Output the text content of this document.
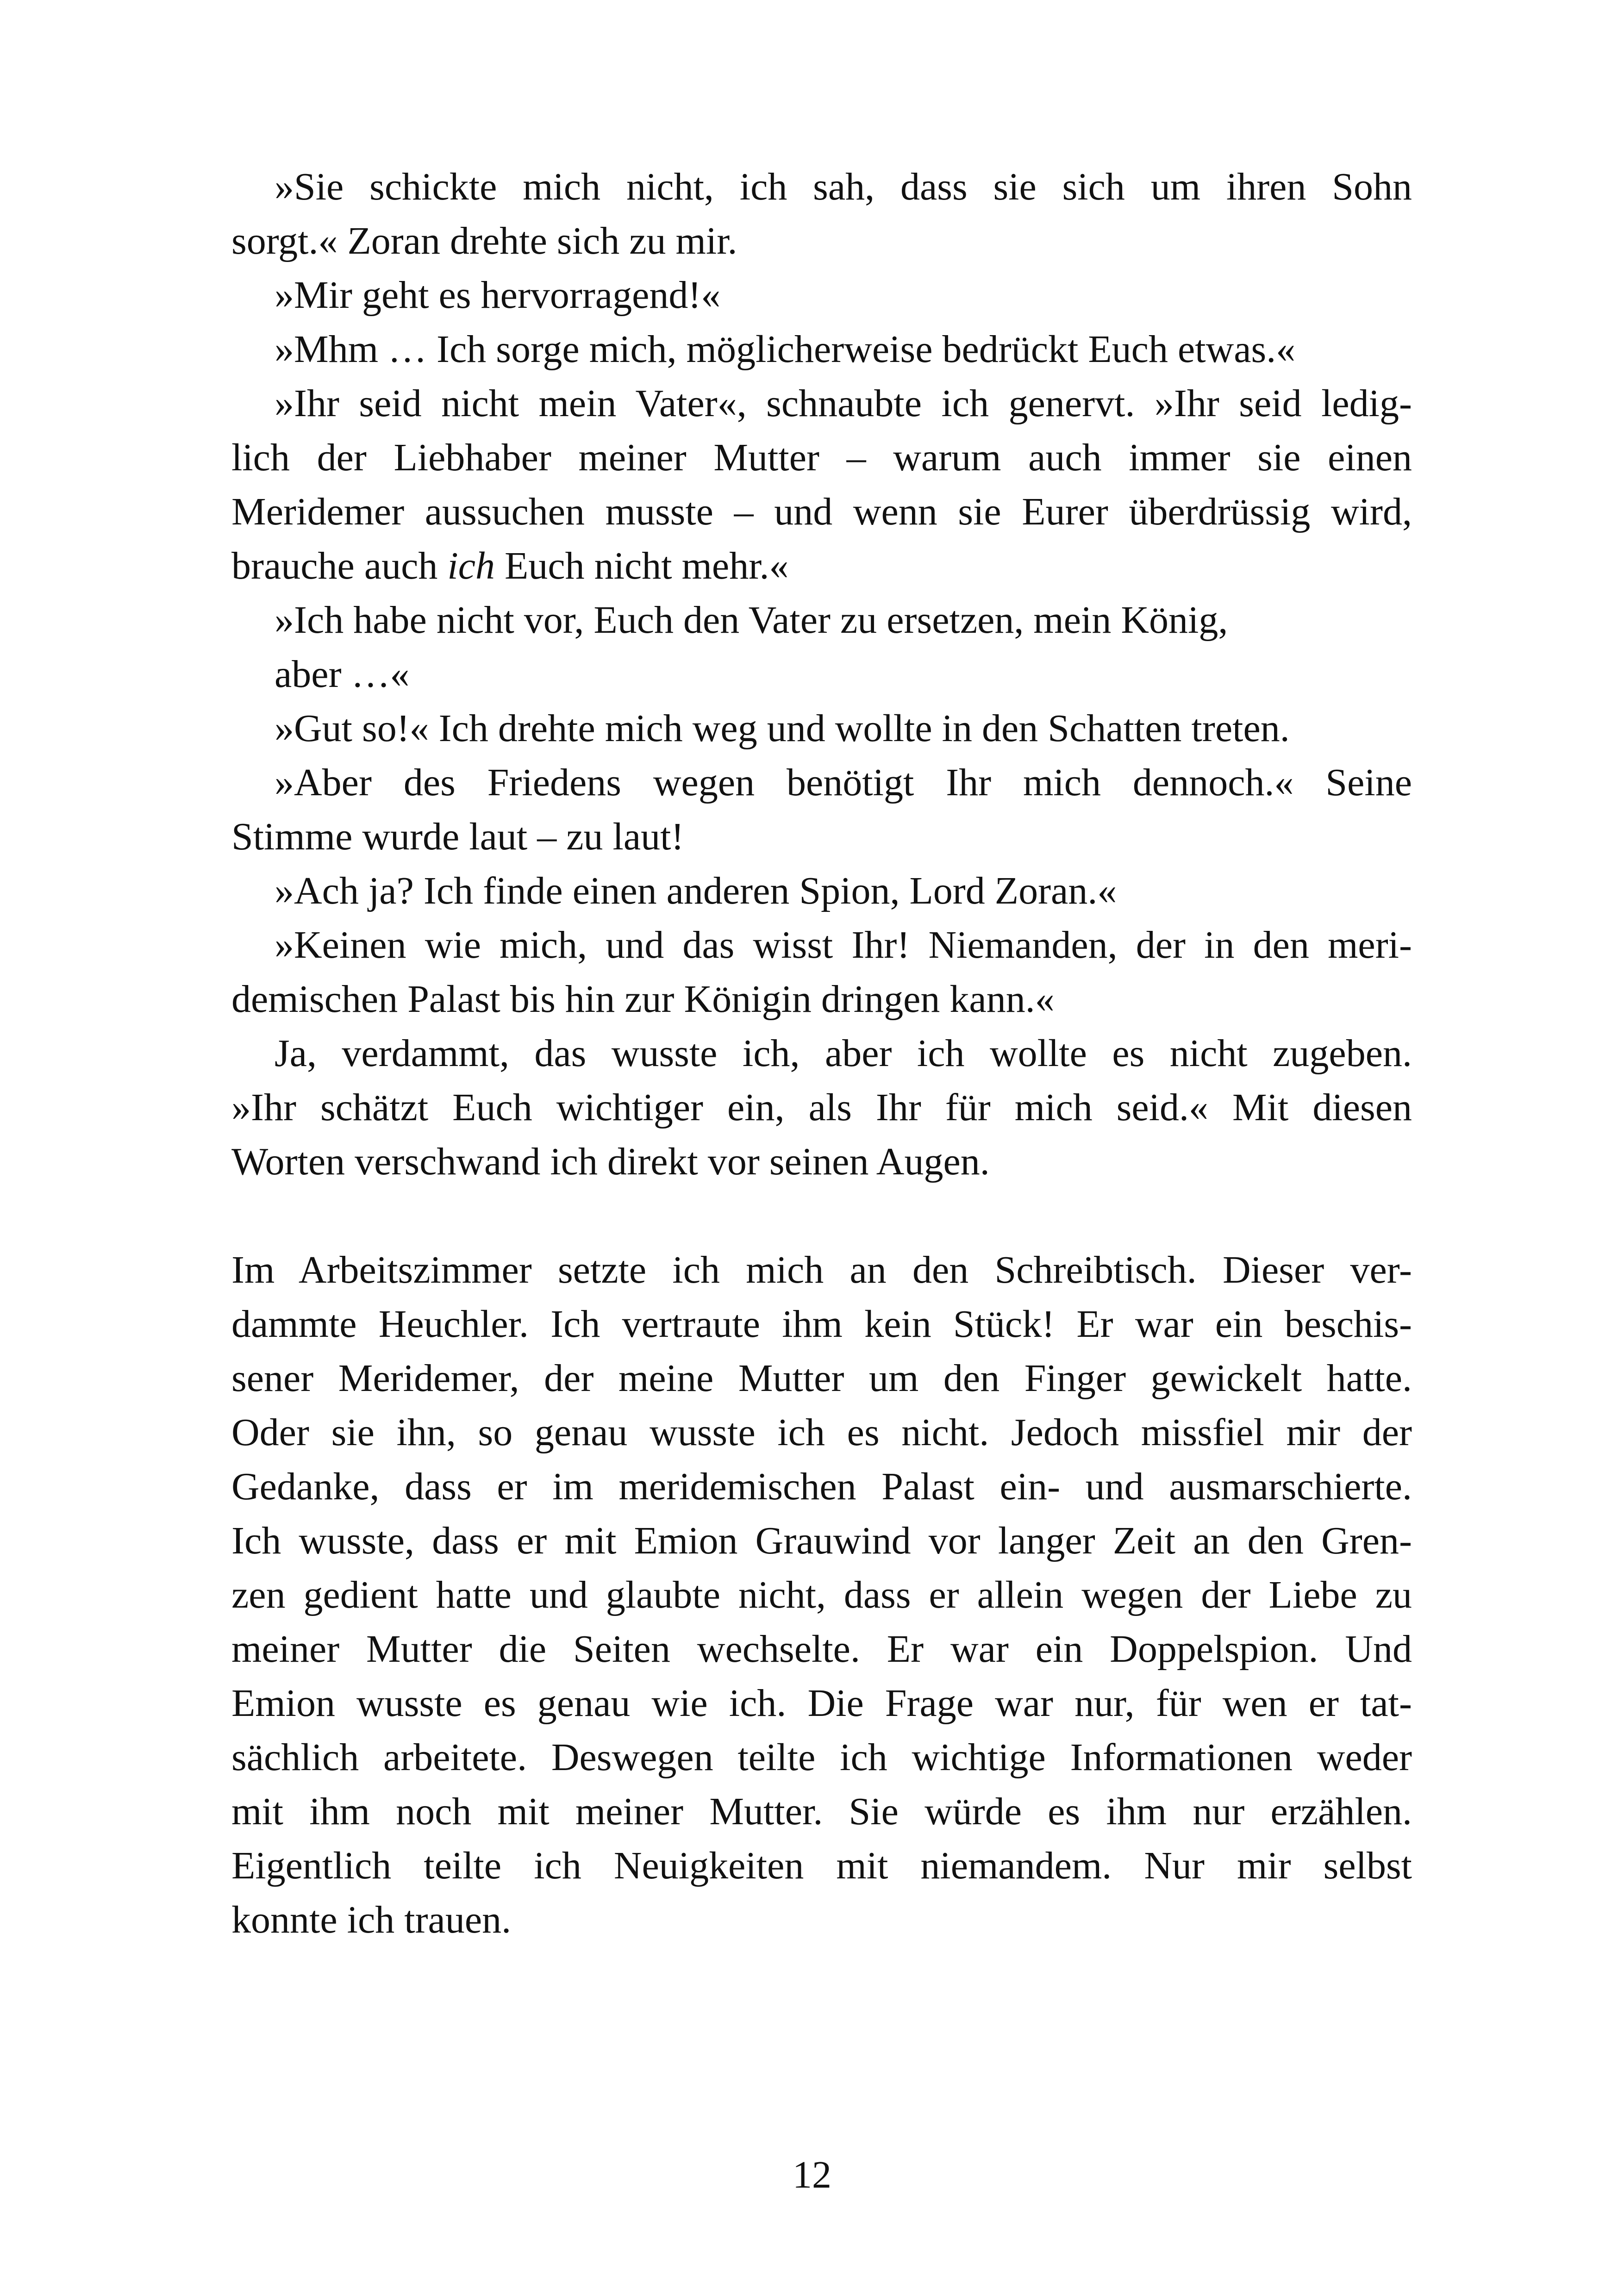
»Sie schickte mich nicht, ich sah, dass sie sich um ihren Sohn
sorgt.« Zoran drehte sich zu mir.
»Mir geht es hervorragend!«
»Mhm … Ich sorge mich, möglicherweise bedrückt Euch etwas.«
»Ihr seid nicht mein Vater«, schnaubte ich genervt. »Ihr seid ledig-
lich der Liebhaber meiner Mutter – warum auch immer sie einen
Meridemer aussuchen musste – und wenn sie Eurer überdrüssig wird,
brauche auch ich Euch nicht mehr.«
»Ich habe nicht vor, Euch den Vater zu ersetzen, mein König,
aber …«
»Gut so!« Ich drehte mich weg und wollte in den Schatten treten.
»Aber des Friedens wegen benötigt Ihr mich dennoch.« Seine
Stimme wurde laut – zu laut!
»Ach ja? Ich finde einen anderen Spion, Lord Zoran.«
»Keinen wie mich, und das wisst Ihr! Niemanden, der in den meri-
demischen Palast bis hin zur Königin dringen kann.«
Ja, verdammt, das wusste ich, aber ich wollte es nicht zugeben.
»Ihr schätzt Euch wichtiger ein, als Ihr für mich seid.« Mit diesen
Worten verschwand ich direkt vor seinen Augen.
Im Arbeitszimmer setzte ich mich an den Schreibtisch. Dieser ver-
dammte Heuchler. Ich vertraute ihm kein Stück! Er war ein beschis-
sener Meridemer, der meine Mutter um den Finger gewickelt hatte.
Oder sie ihn, so genau wusste ich es nicht. Jedoch missfiel mir der
Gedanke, dass er im meridemischen Palast ein- und ausmarschierte.
Ich wusste, dass er mit Emion Grauwind vor langer Zeit an den Gren-
zen gedient hatte und glaubte nicht, dass er allein wegen der Liebe zu
meiner Mutter die Seiten wechselte. Er war ein Doppelspion. Und
Emion wusste es genau wie ich. Die Frage war nur, für wen er tat-
sächlich arbeitete. Deswegen teilte ich wichtige Informationen weder
mit ihm noch mit meiner Mutter. Sie würde es ihm nur erzählen.
Eigentlich teilte ich Neuigkeiten mit niemandem. Nur mir selbst
konnte ich trauen.
12
